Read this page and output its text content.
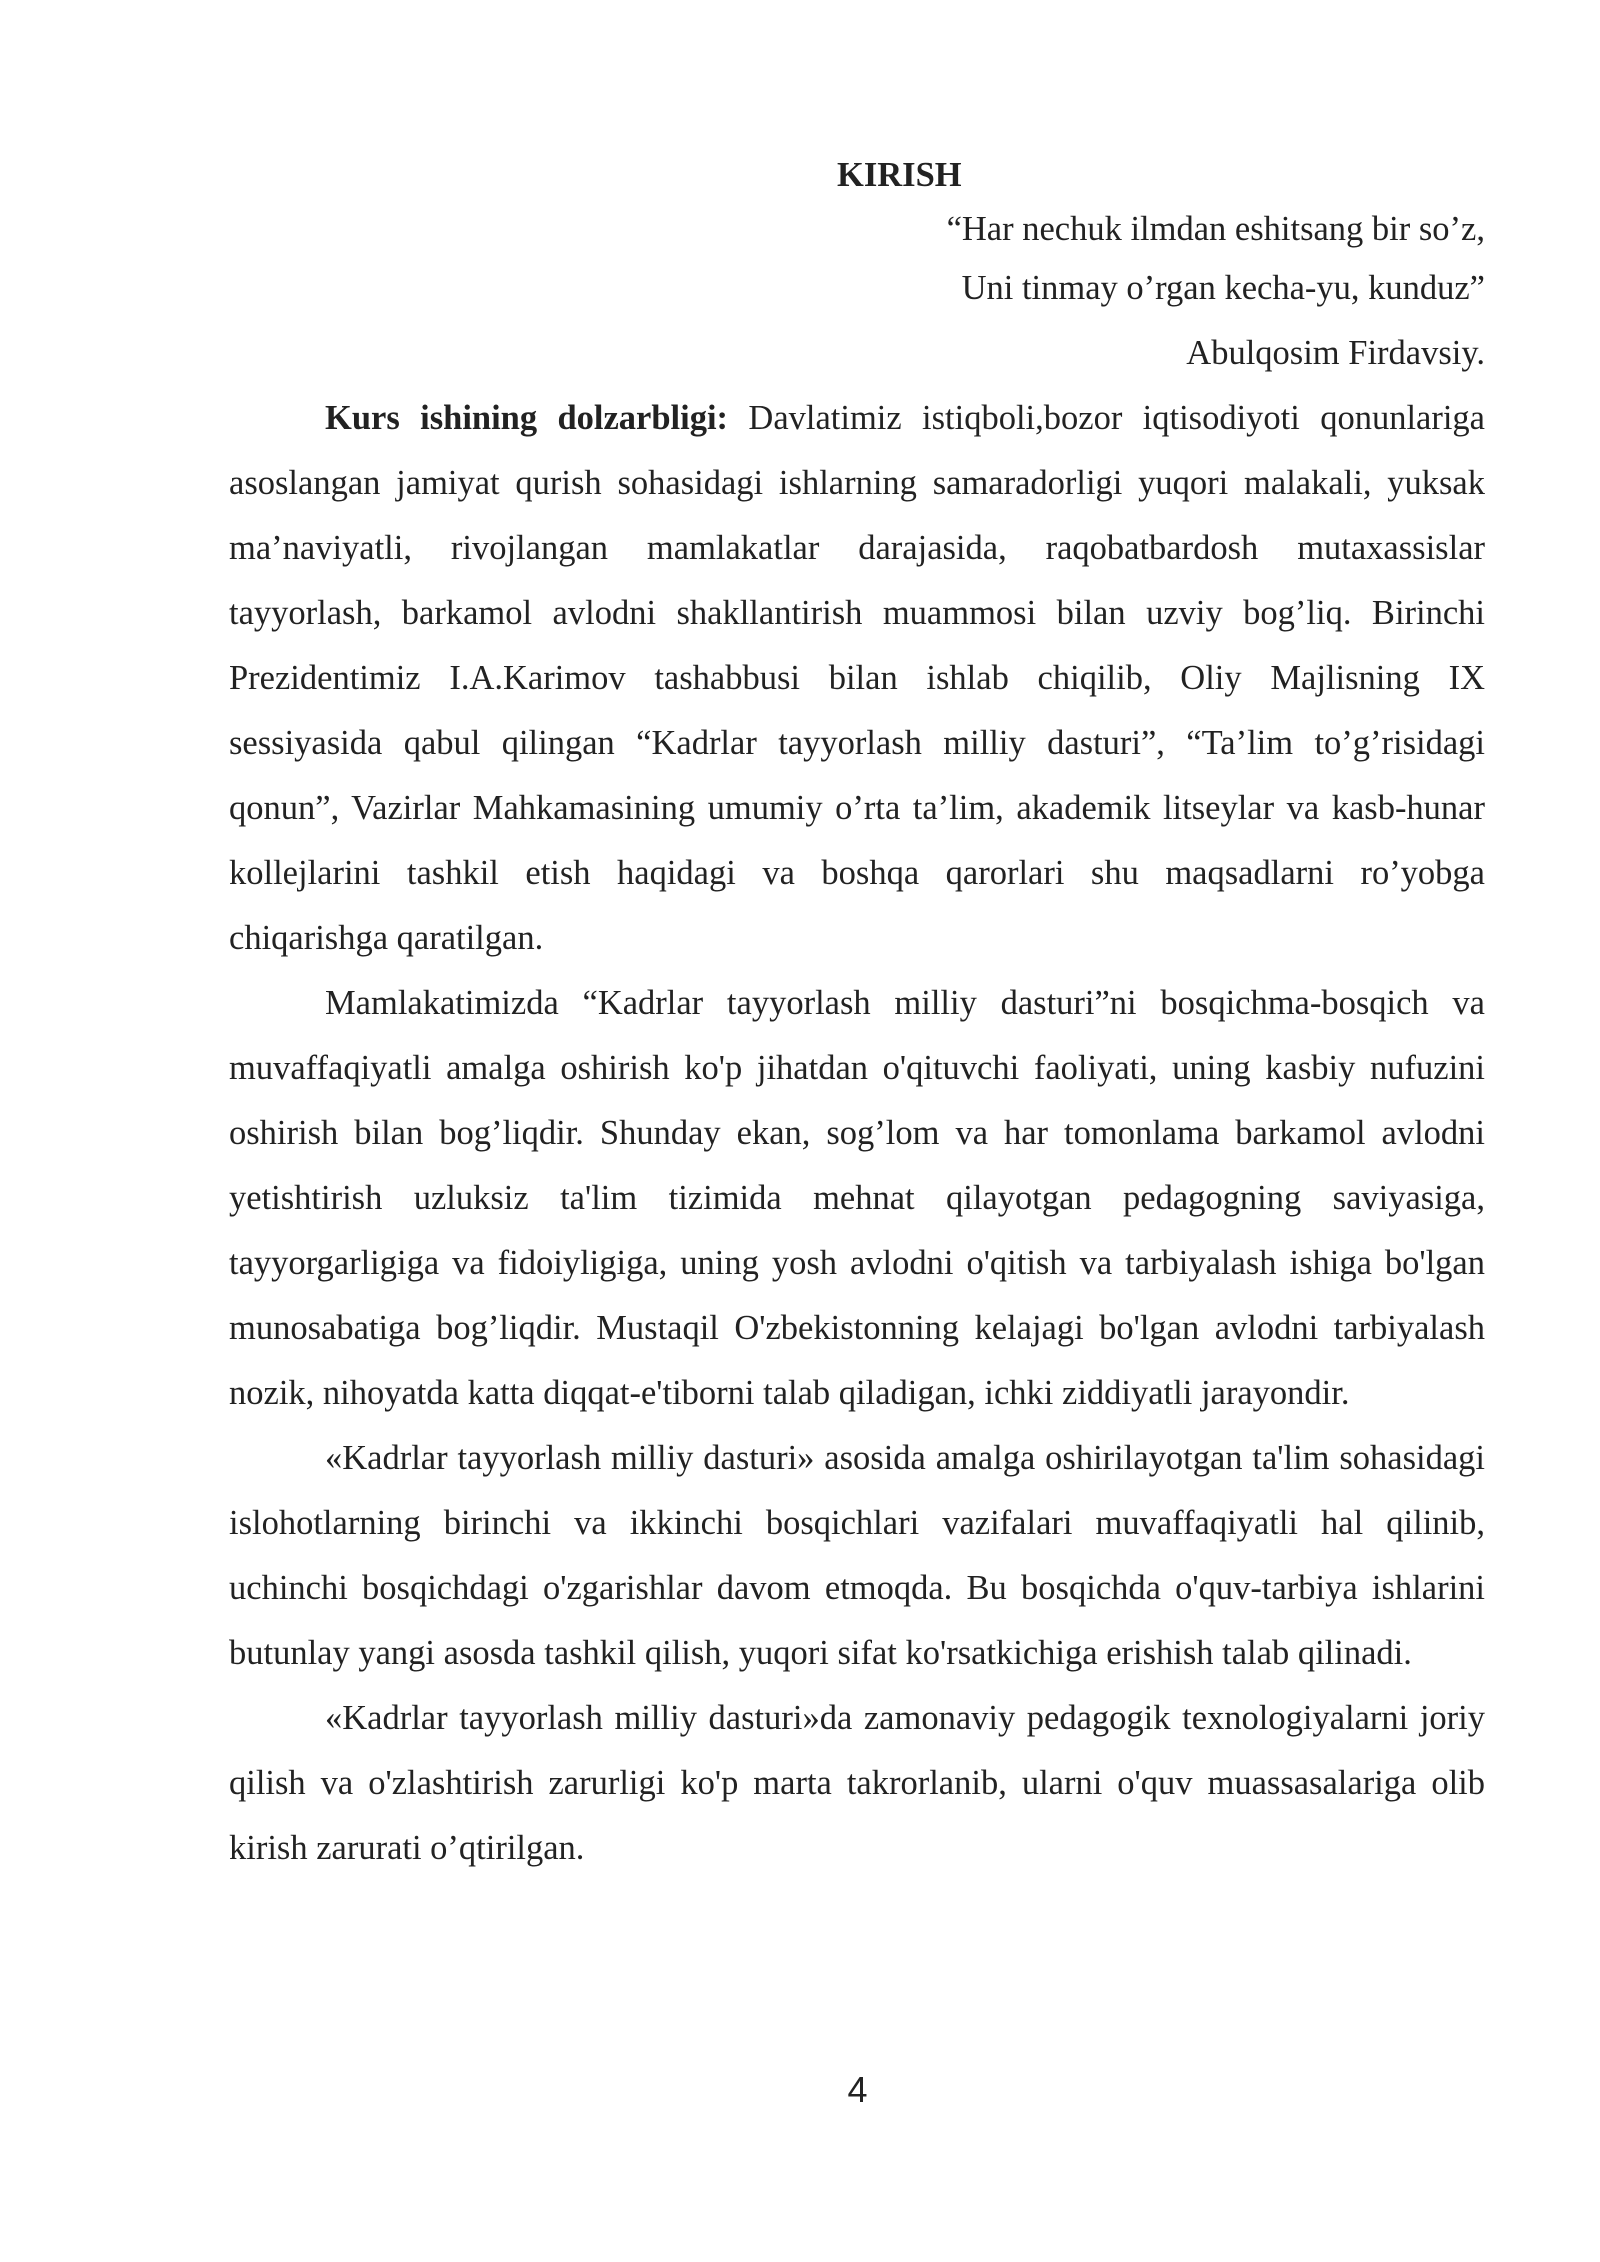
KIRISH

“Har nechuk ilmdan eshitsang bir so’z,

Uni tinmay o’rgan kecha-yu, kunduz”

Abulqosim Firdavsiy.

Kurs ishining dolzarbligi: Davlatimiz istiqboli,bozor iqtisodiyoti qonunlariga asoslangan jamiyat qurish sohasidagi ishlarning samaradorligi yuqori malakali, yuksak ma’naviyatli, rivojlangan mamlakatlar darajasida, raqobatbardosh mutaxassislar tayyorlash, barkamol avlodni shakllantirish muammosi bilan uzviy bog’liq. Birinchi Prezidentimiz I.A.Karimov tashabbusi bilan ishlab chiqilib, Oliy Majlisning IX sessiyasida qabul qilingan “Kadrlar tayyorlash milliy dasturi”, “Ta’lim to’g’risidagi qonun”, Vazirlar Mahkamasining umumiy o’rta ta’lim, akademik litseylar va kasb-hunar kollejlarini tashkil etish haqidagi va boshqa qarorlari shu maqsadlarni ro’yobga chiqarishga qaratilgan.

Mamlakatimizda “Kadrlar tayyorlash milliy dasturi”ni bosqichma-bosqich va muvaffaqiyatli amalga oshirish ko'p jihatdan o'qituvchi faoliyati, uning kasbiy nufuzini oshirish bilan bog’liqdir. Shunday ekan, sog’lom va har tomonlama barkamol avlodni yetishtirish uzluksiz ta'lim tizimida mehnat qilayotgan pedagogning saviyasiga, tayyorgarligiga va fidoiyligiga, uning yosh avlodni o'qitish va tarbiyalash ishiga bo'lgan munosabatiga bog’liqdir. Mustaqil O'zbekistonning kelajagi bo'lgan avlodni tarbiyalash nozik, nihoyatda katta diqqat-e'tiborni talab qiladigan, ichki ziddiyatli jarayondir.

«Kadrlar tayyorlash milliy dasturi» asosida amalga oshirilayotgan ta'lim sohasidagi islohotlarning birinchi va ikkinchi bosqichlari vazifalari muvaffaqiyatli hal qilinib, uchinchi bosqichdagi o'zgarishlar davom etmoqda. Bu bosqichda o'quv-tarbiya ishlarini butunlay yangi asosda tashkil qilish, yuqori sifat ko'rsatkichiga erishish talab qilinadi.

«Kadrlar tayyorlash milliy dasturi»da zamonaviy pedagogik texnologiyalarni joriy qilish va o'zlashtirish zarurligi ko'p marta takrorlanib, ularni o'quv muassasalariga olib kirish zarurati o’qtirilgan.

4
